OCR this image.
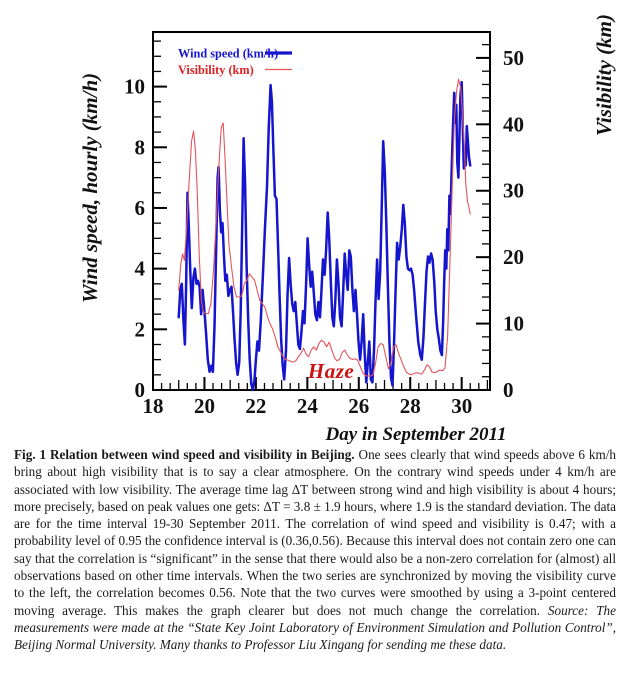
0
2
4
6
8
10
0
10
20
30
40
50
18 20 22 24 26 28 30
Wind speed, hourly (km/h)	Visibility (km)
Day in September 2011
Wind speed (km/h)
Visibility (km)
Haze

Fig. 1 Relation between wind speed and visibility in Beijing. One sees clearly that wind speeds above 6 km/h bring about high visibility that is to say a clear atmosphere. On the contrary wind speeds under 4 km/h are associated with low visibility. The average time lag ΔT between strong wind and high visibility is about 4 hours; more precisely, based on peak values one gets: ΔT = 3.8 ± 1.9 hours, where 1.9 is the standard deviation. The data are for the time interval 19-30 September 2011. The correlation of wind speed and visibility is 0.47; with a probability level of 0.95 the confidence interval is (0.36,0.56). Because this interval does not contain zero one can say that the correlation is “significant” in the sense that there would also be a non-zero correlation for (almost) all observations based on other time intervals. When the two series are synchronized by moving the visibility curve to the left, the correlation becomes 0.56. Note that the two curves were smoothed by using a 3-point centered moving average. This makes the graph clearer but does not much change the correlation. Source: The measurements were made at the “State Key Joint Laboratory of Environment Simulation and Pollution Control”, Beijing Normal University. Many thanks to Professor Liu Xingang for sending me these data.
